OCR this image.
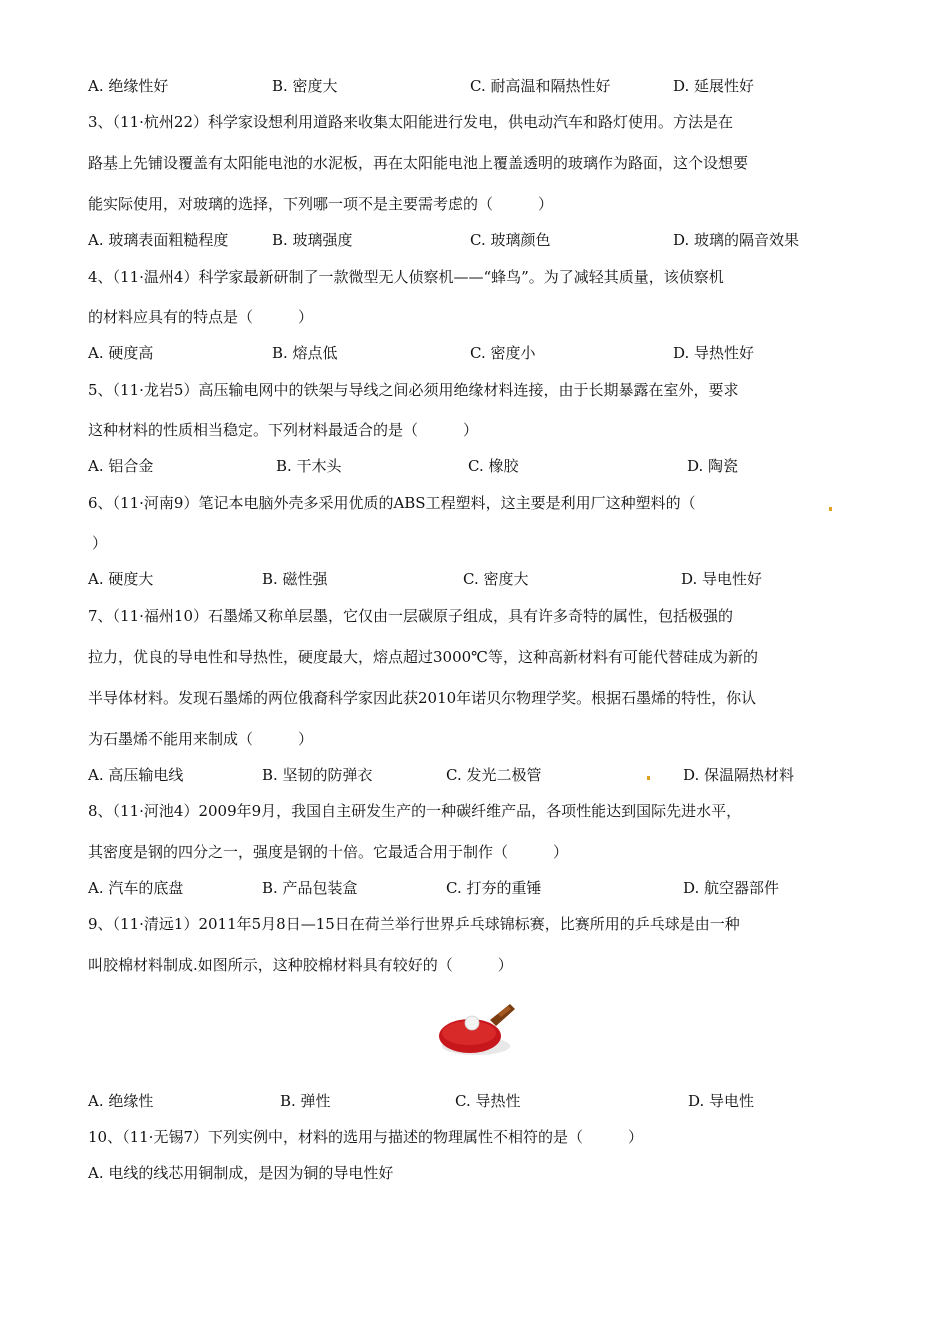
A. 绝缘性好	B. 密度大	C. 耐高温和隔热性好	D. 延展性好
3、（11·杭州22）科学家设想利用道路来收集太阳能进行发电，供电动汽车和路灯使用。方法是在
路基上先铺设覆盖有太阳能电池的水泥板，再在太阳能电池上覆盖透明的玻璃作为路面，这个设想要
能实际使用，对玻璃的选择，下列哪一项不是主要需考虑的（　　　）
A. 玻璃表面粗糙程度	B. 玻璃强度	C. 玻璃颜色	D. 玻璃的隔音效果
4、（11·温州4）科学家最新研制了一款微型无人侦察机——“蜂鸟”。为了减轻其质量，该侦察机
的材料应具有的特点是（　　　）
A. 硬度高	B. 熔点低	C. 密度小	D. 导热性好
5、（11·龙岩5）高压输电网中的铁架与导线之间必须用绝缘材料连接，由于长期暴露在室外，要求
这种材料的性质相当稳定。下列材料最适合的是（　　　）
A. 铝合金	B. 干木头	C. 橡胶	D. 陶瓷
6、（11·河南9）笔记本电脑外壳多采用优质的ABS工程塑料，这主要是利用厂这种塑料的（
）
A. 硬度大	B. 磁性强	C. 密度大	D. 导电性好
7、（11·福州10）石墨烯又称单层墨，它仅由一层碳原子组成，具有许多奇特的属性，包括极强的
拉力，优良的导电性和导热性，硬度最大，熔点超过3000℃等，这种高新材料有可能代替硅成为新的
半导体材料。发现石墨烯的两位俄裔科学家因此获2010年诺贝尔物理学奖。根据石墨烯的特性，你认
为石墨烯不能用来制成（　　　）
A. 高压输电线	B. 坚韧的防弹衣	C. 发光二极管	D. 保温隔热材料
8、（11·河池4）2009年9月，我国自主研发生产的一种碳纤维产品，各项性能达到国际先进水平，
其密度是钢的四分之一，强度是钢的十倍。它最适合用于制作（　　　）
A. 汽车的底盘	B. 产品包装盒	C. 打夯的重锤	D. 航空器部件
9、（11·清远1）2011年5月8日—15日在荷兰举行世界乒乓球锦标赛，比赛所用的乒乓球是由一种
叫胶棉材料制成.如图所示，这种胶棉材料具有较好的（　　　）
A. 绝缘性	B. 弹性	C. 导热性	D. 导电性
10、（11·无锡7）下列实例中，材料的选用与描述的物理属性不相符的是（　　　）
A. 电线的线芯用铜制成，是因为铜的导电性好
